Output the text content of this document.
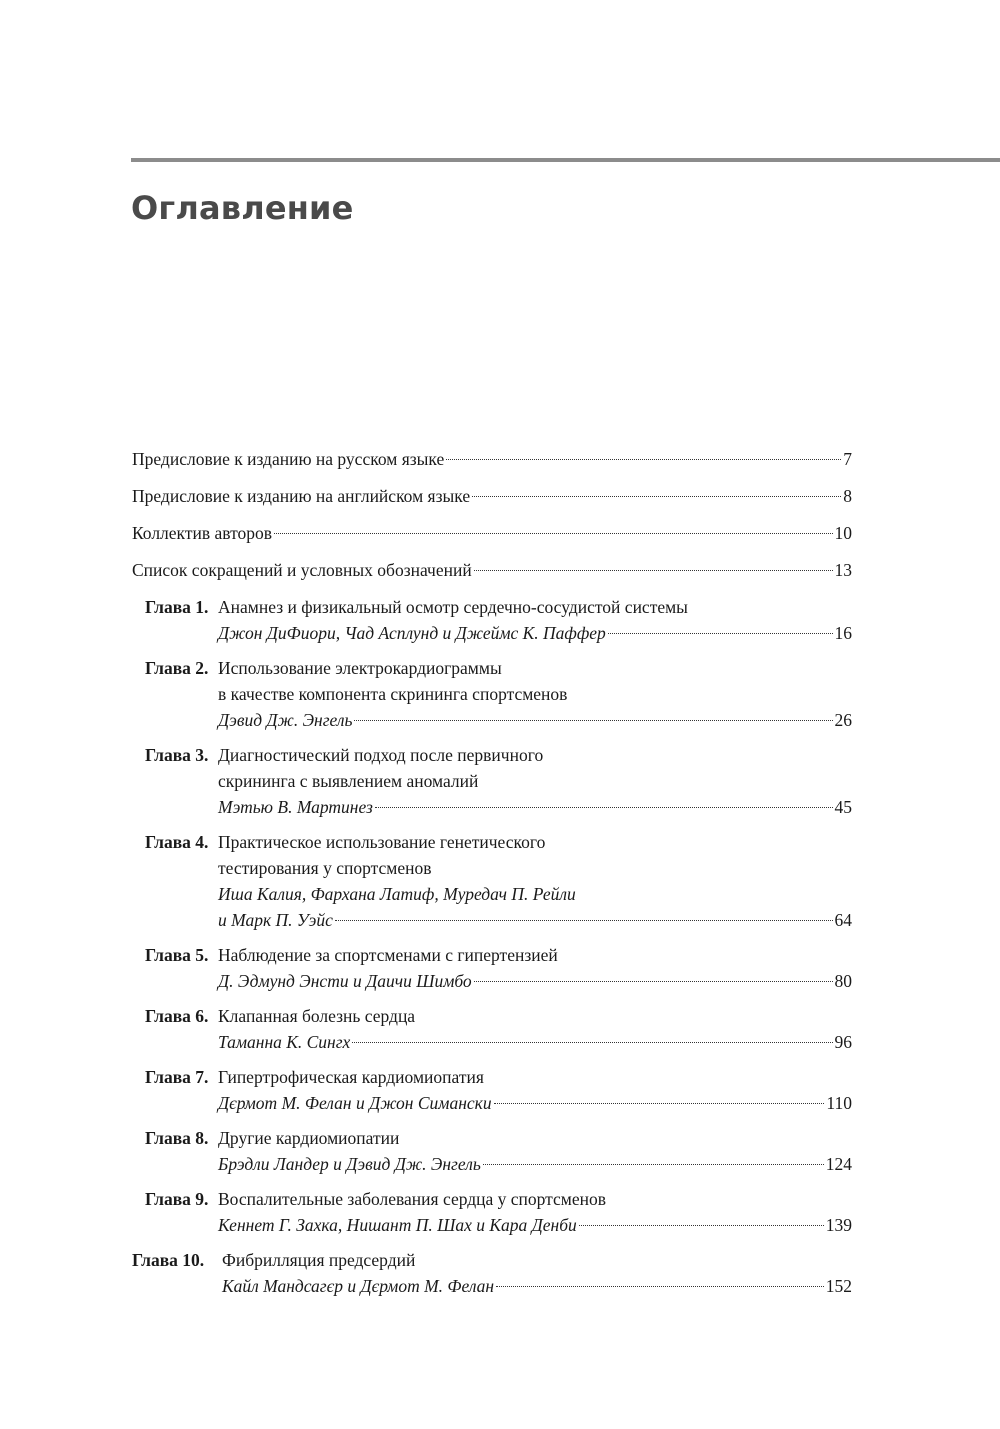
Оглавление
Предисловие к изданию на русском языке	7
Предисловие к изданию на английском языке	8
Коллектив авторов	10
Список сокращений и условных обозначений	13
Глава 1. Анамнез и физикальный осмотр сердечно-сосудистой системы
Джон ДиФиори, Чад Асплунд и Джеймс К. Паффер	16
Глава 2. Использование электрокардиограммы
в качестве компонента скрининга спортсменов
Дэвид Дж. Энгель	26
Глава 3. Диагностический подход после первичного
скрининга с выявлением аномалий
Мэтью В. Мартинез	45
Глава 4. Практическое использование генетического
тестирования у спортсменов
Иша Калия, Фархана Латиф, Муредач П. Рейли
и Марк П. Уэйс	64
Глава 5. Наблюдение за спортсменами с гипертензией
Д. Эдмунд Энсти и Даичи Шимбо	80
Глава 6. Клапанная болезнь сердца
Таманна К. Сингх	96
Глава 7. Гипертрофическая кардиомиопатия
Дєрмот М. Фелан и Джон Симански	110
Глава 8. Другие кардиомиопатии
Брэдли Ландер и Дэвид Дж. Энгель	124
Глава 9. Воспалительные заболевания сердца у спортсменов
Кеннет Г. Захка, Нишант П. Шах и Кара Денби	139
Глава 10.	Фибрилляция предсердий
Кайл Мандсагєр и Дєрмот М. Фелан	152
